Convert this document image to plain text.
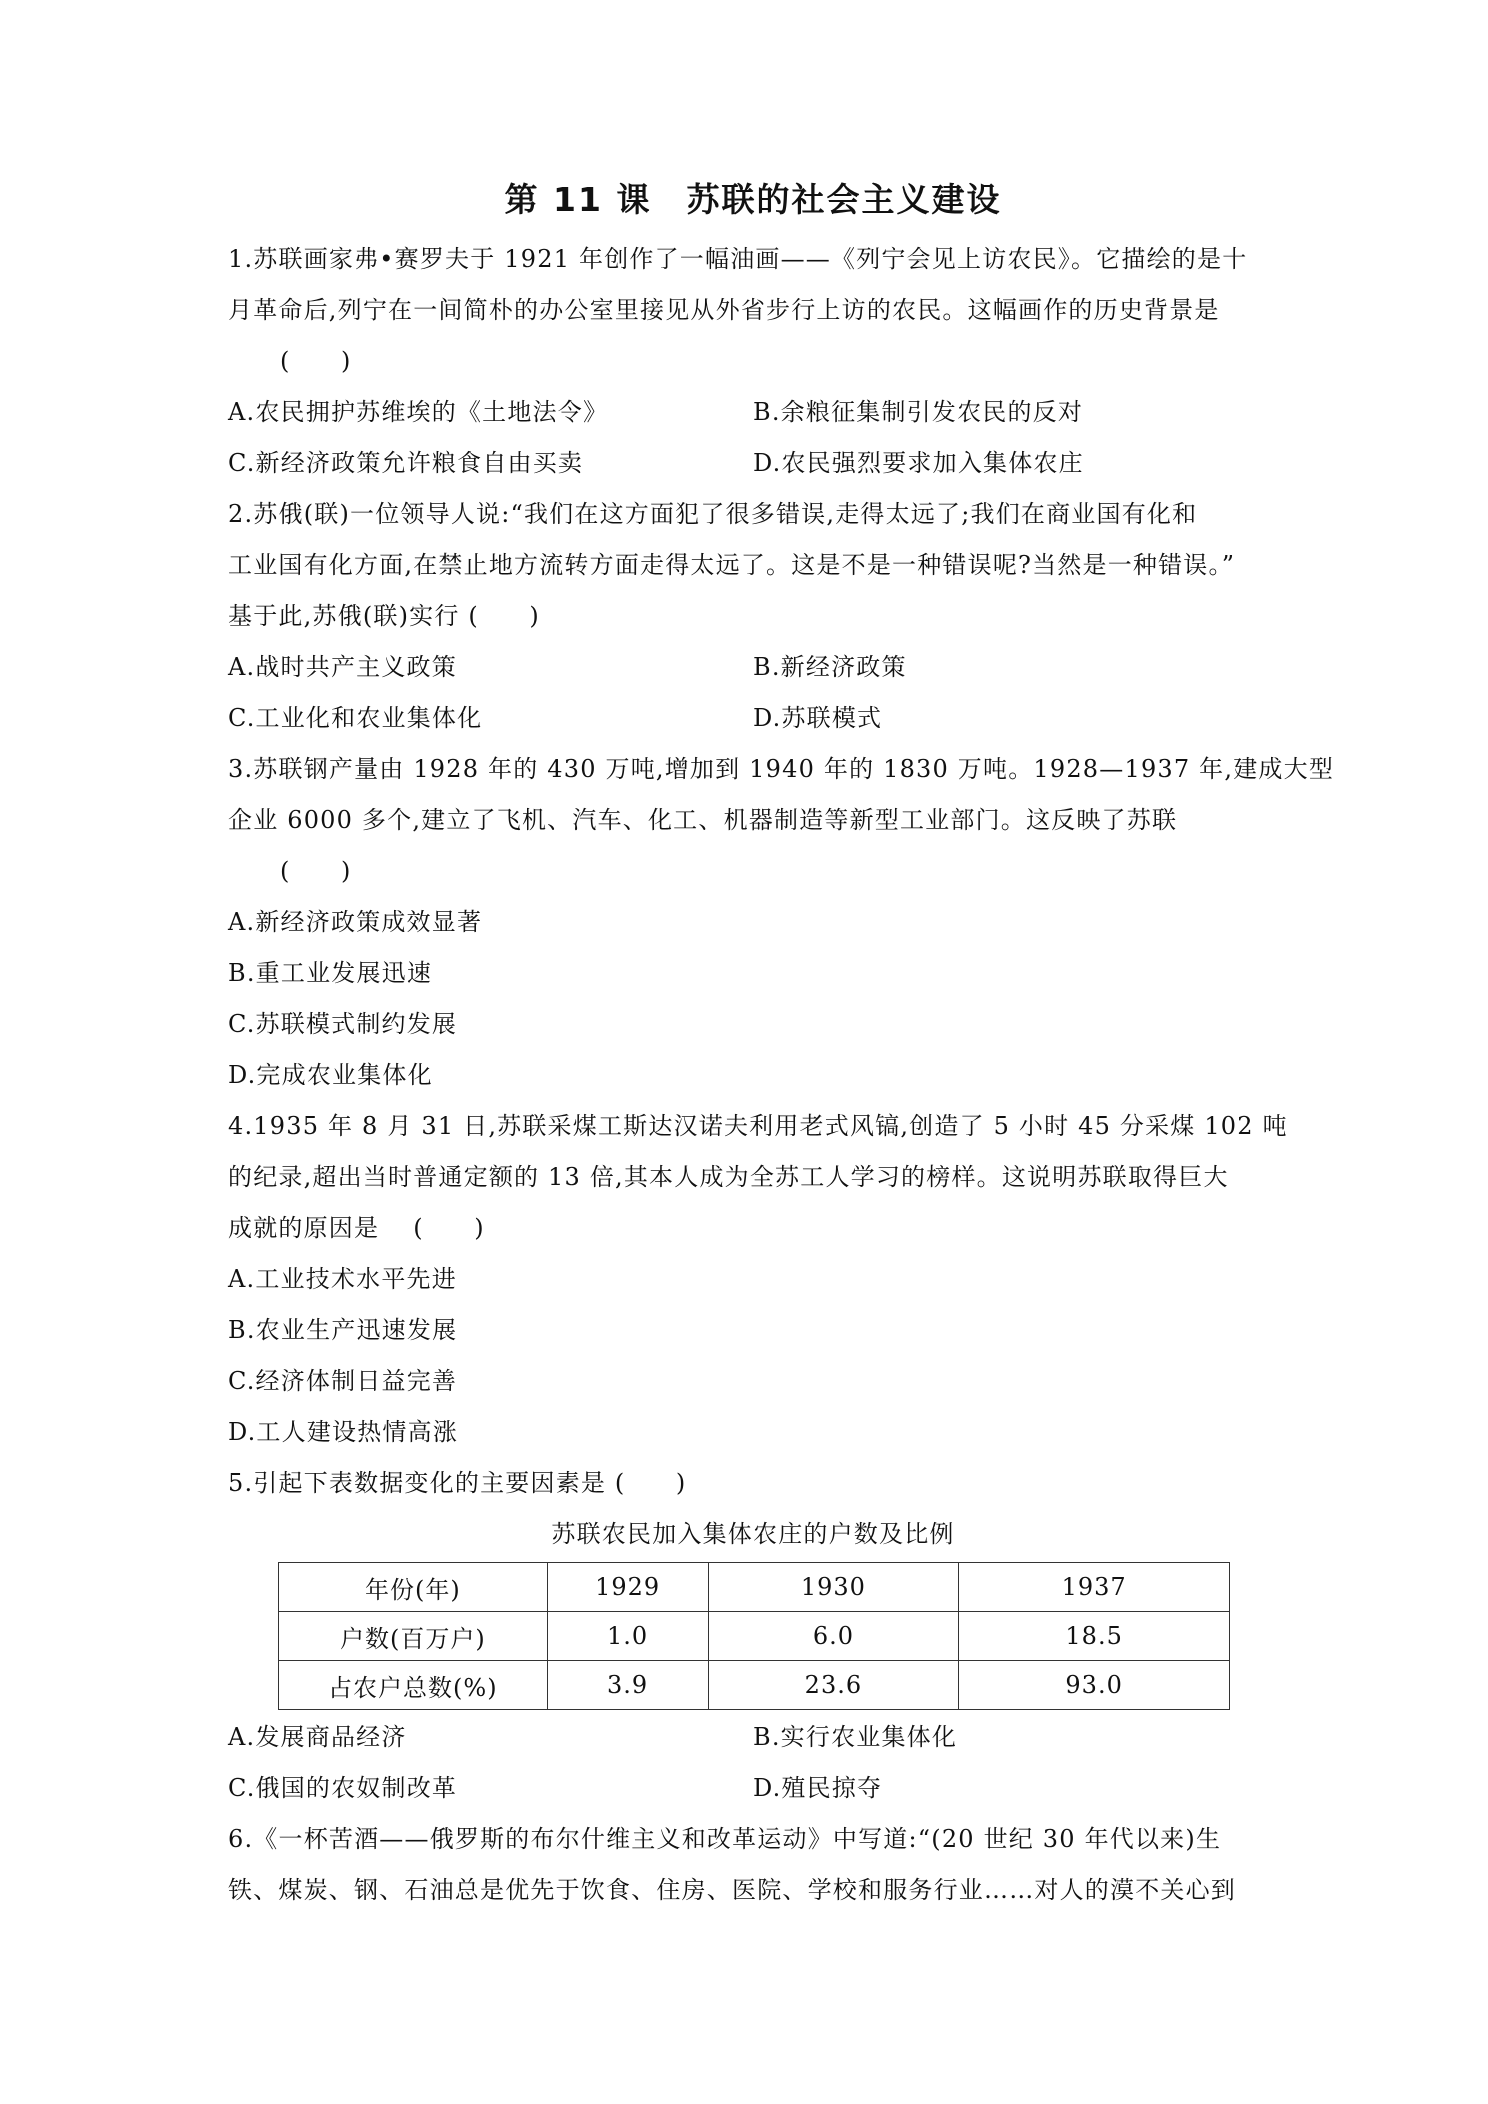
第 11 课　苏联的社会主义建设
1.苏联画家弗•赛罗夫于 1921 年创作了一幅油画——《列宁会见上访农民》。它描绘的是十
月革命后,列宁在一间简朴的办公室里接见从外省步行上访的农民。这幅画作的历史背景是
(　　)
A.农民拥护苏维埃的《土地法令》	B.余粮征集制引发农民的反对
C.新经济政策允许粮食自由买卖	D.农民强烈要求加入集体农庄
2.苏俄(联)一位领导人说:“我们在这方面犯了很多错误,走得太远了;我们在商业国有化和
工业国有化方面,在禁止地方流转方面走得太远了。这是不是一种错误呢?当然是一种错误。”
基于此,苏俄(联)实行 (　　)
A.战时共产主义政策	B.新经济政策
C.工业化和农业集体化	D.苏联模式
3.苏联钢产量由 1928 年的 430 万吨,增加到 1940 年的 1830 万吨。1928—1937 年,建成大型
企业 6000 多个,建立了飞机、汽车、化工、机器制造等新型工业部门。这反映了苏联
(　　)
A.新经济政策成效显著
B.重工业发展迅速
C.苏联模式制约发展
D.完成农业集体化
4.1935 年 8 月 31 日,苏联采煤工斯达汉诺夫利用老式风镐,创造了 5 小时 45 分采煤 102 吨
的纪录,超出当时普通定额的 13 倍,其本人成为全苏工人学习的榜样。这说明苏联取得巨大
成就的原因是　 (　　)
A.工业技术水平先进
B.农业生产迅速发展
C.经济体制日益完善
D.工人建设热情高涨
5.引起下表数据变化的主要因素是 (　　)
苏联农民加入集体农庄的户数及比例
年份(年)	1929	1930	1937
户数(百万户)	1.0	6.0	18.5
占农户总数(%)	3.9	23.6	93.0
A.发展商品经济	B.实行农业集体化
C.俄国的农奴制改革	D.殖民掠夺
6.《一杯苦酒——俄罗斯的布尔什维主义和改革运动》中写道:“(20 世纪 30 年代以来)生
铁、煤炭、钢、石油总是优先于饮食、住房、医院、学校和服务行业……对人的漠不关心到
